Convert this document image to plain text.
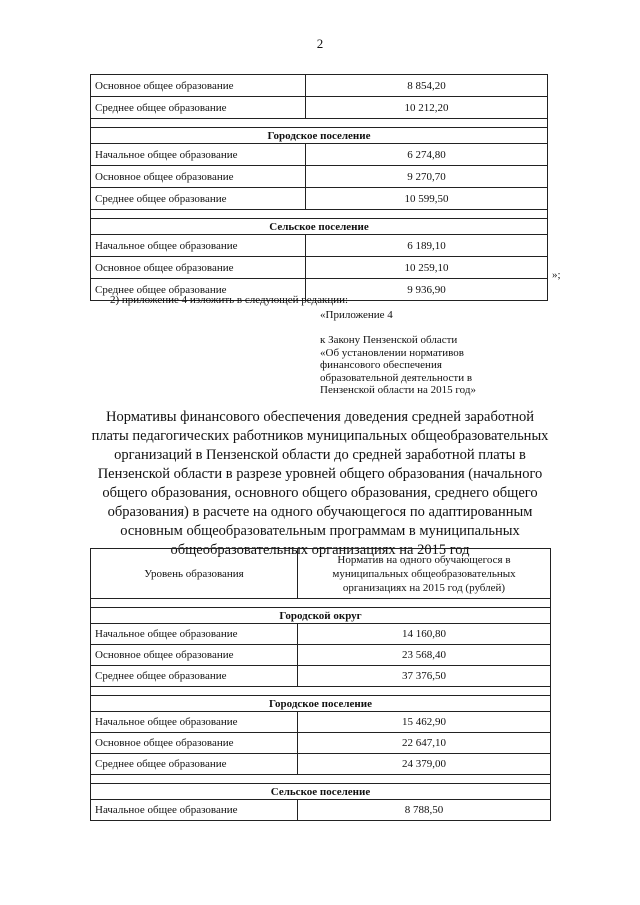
2
Основное общее образование	8 854,20
Среднее общее образование	10 212,20

Городское поселение	
Начальное общее образование	6 274,80
Основное общее образование	9 270,70
Среднее общее образование	10 599,50

Сельское поселение	
Начальное общее образование	6 189,10
Основное общее образование	10 259,10
Среднее общее образование	9 936,90
»;
2) приложение 4 изложить в следующей редакции:
«Приложение 4
к Закону Пензенской области
«Об установлении нормативов
финансового обеспечения
образовательной деятельности в
Пензенской области на 2015 год»
Нормативы финансового обеспечения доведения средней заработной
платы педагогических работников муниципальных общеобразовательных
организаций в Пензенской области до средней заработной платы в
Пензенской области в разрезе уровней общего образования (начального
общего образования, основного общего образования, среднего общего
образования) в расчете на одного обучающегося по адаптированным
основным общеобразовательным программам в муниципальных
общеобразовательных организациях на 2015 год
Уровень образования	Норматив на одного обучающегося в
муниципальных общеобразовательных
организациях на 2015 год (рублей)

Городской округ	
Начальное общее образование	14 160,80
Основное общее образование	23 568,40
Среднее общее образование	37 376,50

Городское поселение	
Начальное общее образование	15 462,90
Основное общее образование	22 647,10
Среднее общее образование	24 379,00

Сельское поселение	
Начальное общее образование	8 788,50
